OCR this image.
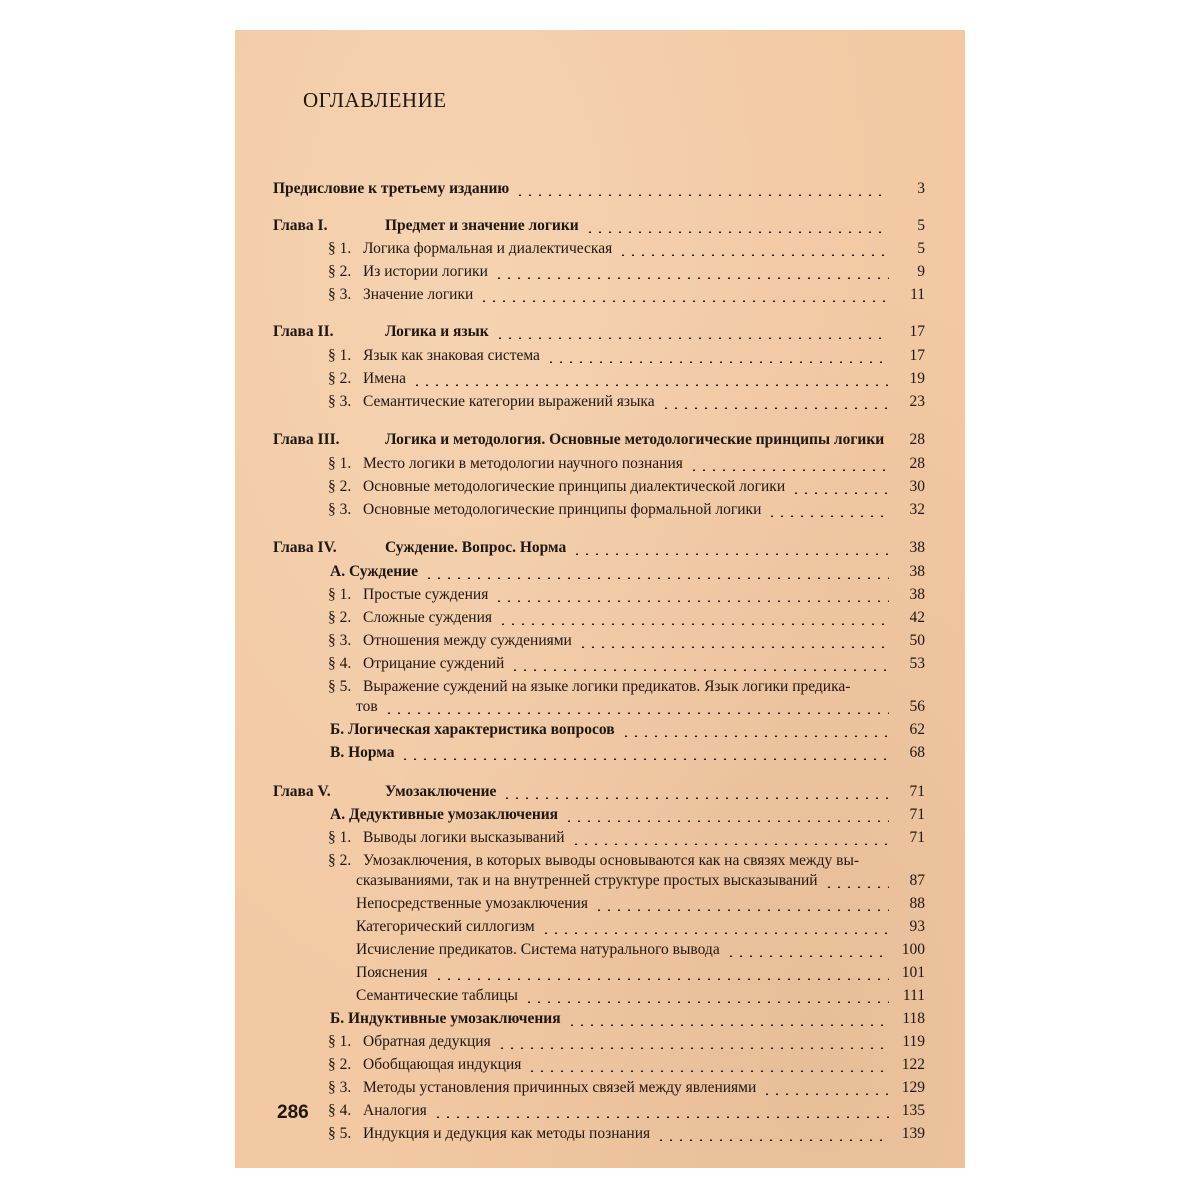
ОГЛАВЛЕНИЕ
Предисловие к третьему изданию	3
Глава I.	Предмет и значение логики	5
§ 1. Логика формальная и диалектическая	5
§ 2. Из истории логики	9
§ 3. Значение логики	11
Глава II.	Логика и язык	17
§ 1. Язык как знаковая система	17
§ 2. Имена	19
§ 3. Семантические категории выражений языка	23
Глава III.	Логика и методология. Основные методологические принципы логики 28
§ 1. Место логики в методологии научного познания	28
§ 2. Основные методологические принципы диалектической логики	30
§ 3. Основные методологические принципы формальной логики	32
Глава IV.	Суждение. Вопрос. Норма	38
А. Суждение	38
§ 1. Простые суждения	38
§ 2. Сложные суждения	42
§ 3. Отношения между суждениями	50
§ 4. Отрицание суждений	53
§ 5. Выражение суждений на языке логики предикатов. Язык логики предика-
тов	56
Б. Логическая характеристика вопросов	62
В. Норма	68
Глава V.	Умозаключение	71
А. Дедуктивные умозаключения	71
§ 1. Выводы логики высказываний	71
§ 2. Умозаключения, в которых выводы основываются как на связях между вы-
сказываниями, так и на внутренней структуре простых высказываний	87
Непосредственные умозаключения	88
Категорический силлогизм	93
Исчисление предикатов. Система натурального вывода	100
Пояснения	101
Семантические таблицы	111
Б. Индуктивные умозаключения	118
§ 1. Обратная дедукция	119
§ 2. Обобщающая индукция	122
§ 3. Методы установления причинных связей между явлениями	129
§ 4. Аналогия	135
§ 5. Индукция и дедукция как методы познания	139
286
